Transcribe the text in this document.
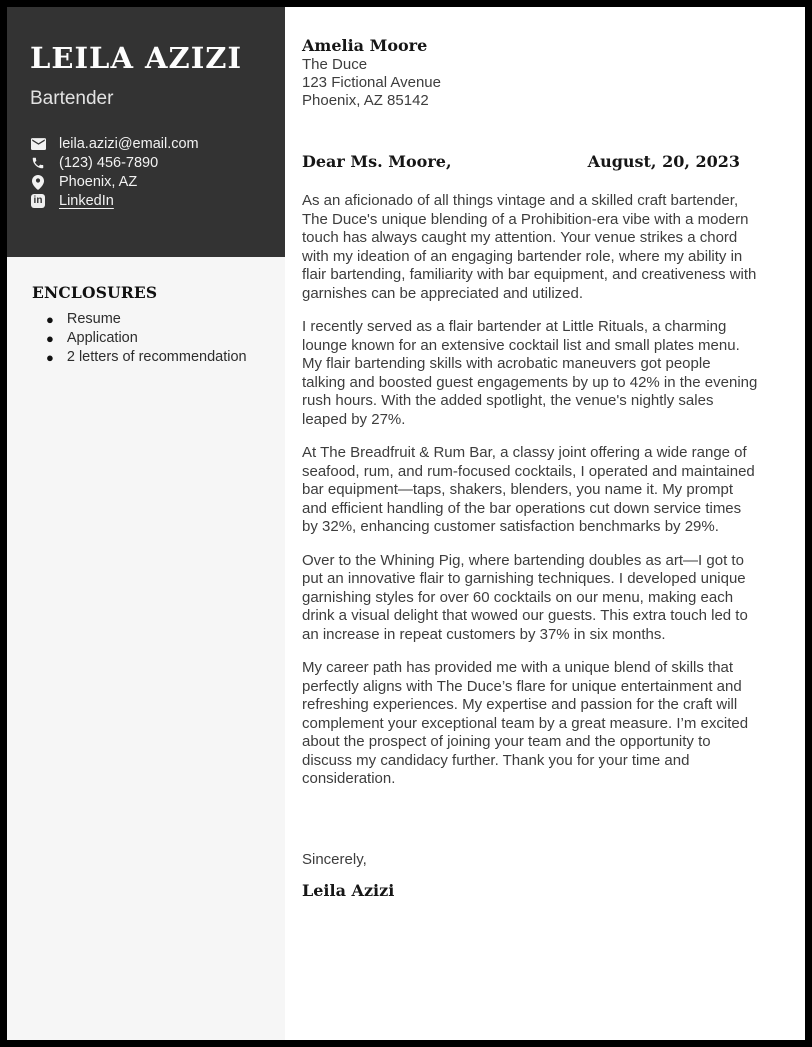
LEILA AZIZI
Bartender
leila.azizi@email.com
(123) 456-7890
Phoenix, AZ
in LinkedIn
ENCLOSURES
● Resume
● Application
● 2 letters of recommendation
Amelia Moore
The Duce
123 Fictional Avenue
Phoenix, AZ 85142
Dear Ms. Moore,	August, 20, 2023

As an aficionado of all things vintage and a skilled craft bartender, The Duce's unique blending of a Prohibition-era vibe with a modern touch has always caught my attention. Your venue strikes a chord with my ideation of an engaging bartender role, where my ability in flair bartending, familiarity with bar equipment, and creativeness with garnishes can be appreciated and utilized.

I recently served as a flair bartender at Little Rituals, a charming lounge known for an extensive cocktail list and small plates menu. My flair bartending skills with acrobatic maneuvers got people talking and boosted guest engagements by up to 42% in the evening rush hours. With the added spotlight, the venue's nightly sales leaped by 27%.

At The Breadfruit & Rum Bar, a classy joint offering a wide range of seafood, rum, and rum-focused cocktails, I operated and maintained bar equipment—taps, shakers, blenders, you name it. My prompt and efficient handling of the bar operations cut down service times by 32%, enhancing customer satisfaction benchmarks by 29%.

Over to the Whining Pig, where bartending doubles as art—I got to put an innovative flair to garnishing techniques. I developed unique garnishing styles for over 60 cocktails on our menu, making each drink a visual delight that wowed our guests. This extra touch led to an increase in repeat customers by 37% in six months.

My career path has provided me with a unique blend of skills that perfectly aligns with The Duce’s flare for unique entertainment and refreshing experiences. My expertise and passion for the craft will complement your exceptional team by a great measure. I’m excited about the prospect of joining your team and the opportunity to discuss my candidacy further. Thank you for your time and consideration.

Sincerely,
Leila Azizi
